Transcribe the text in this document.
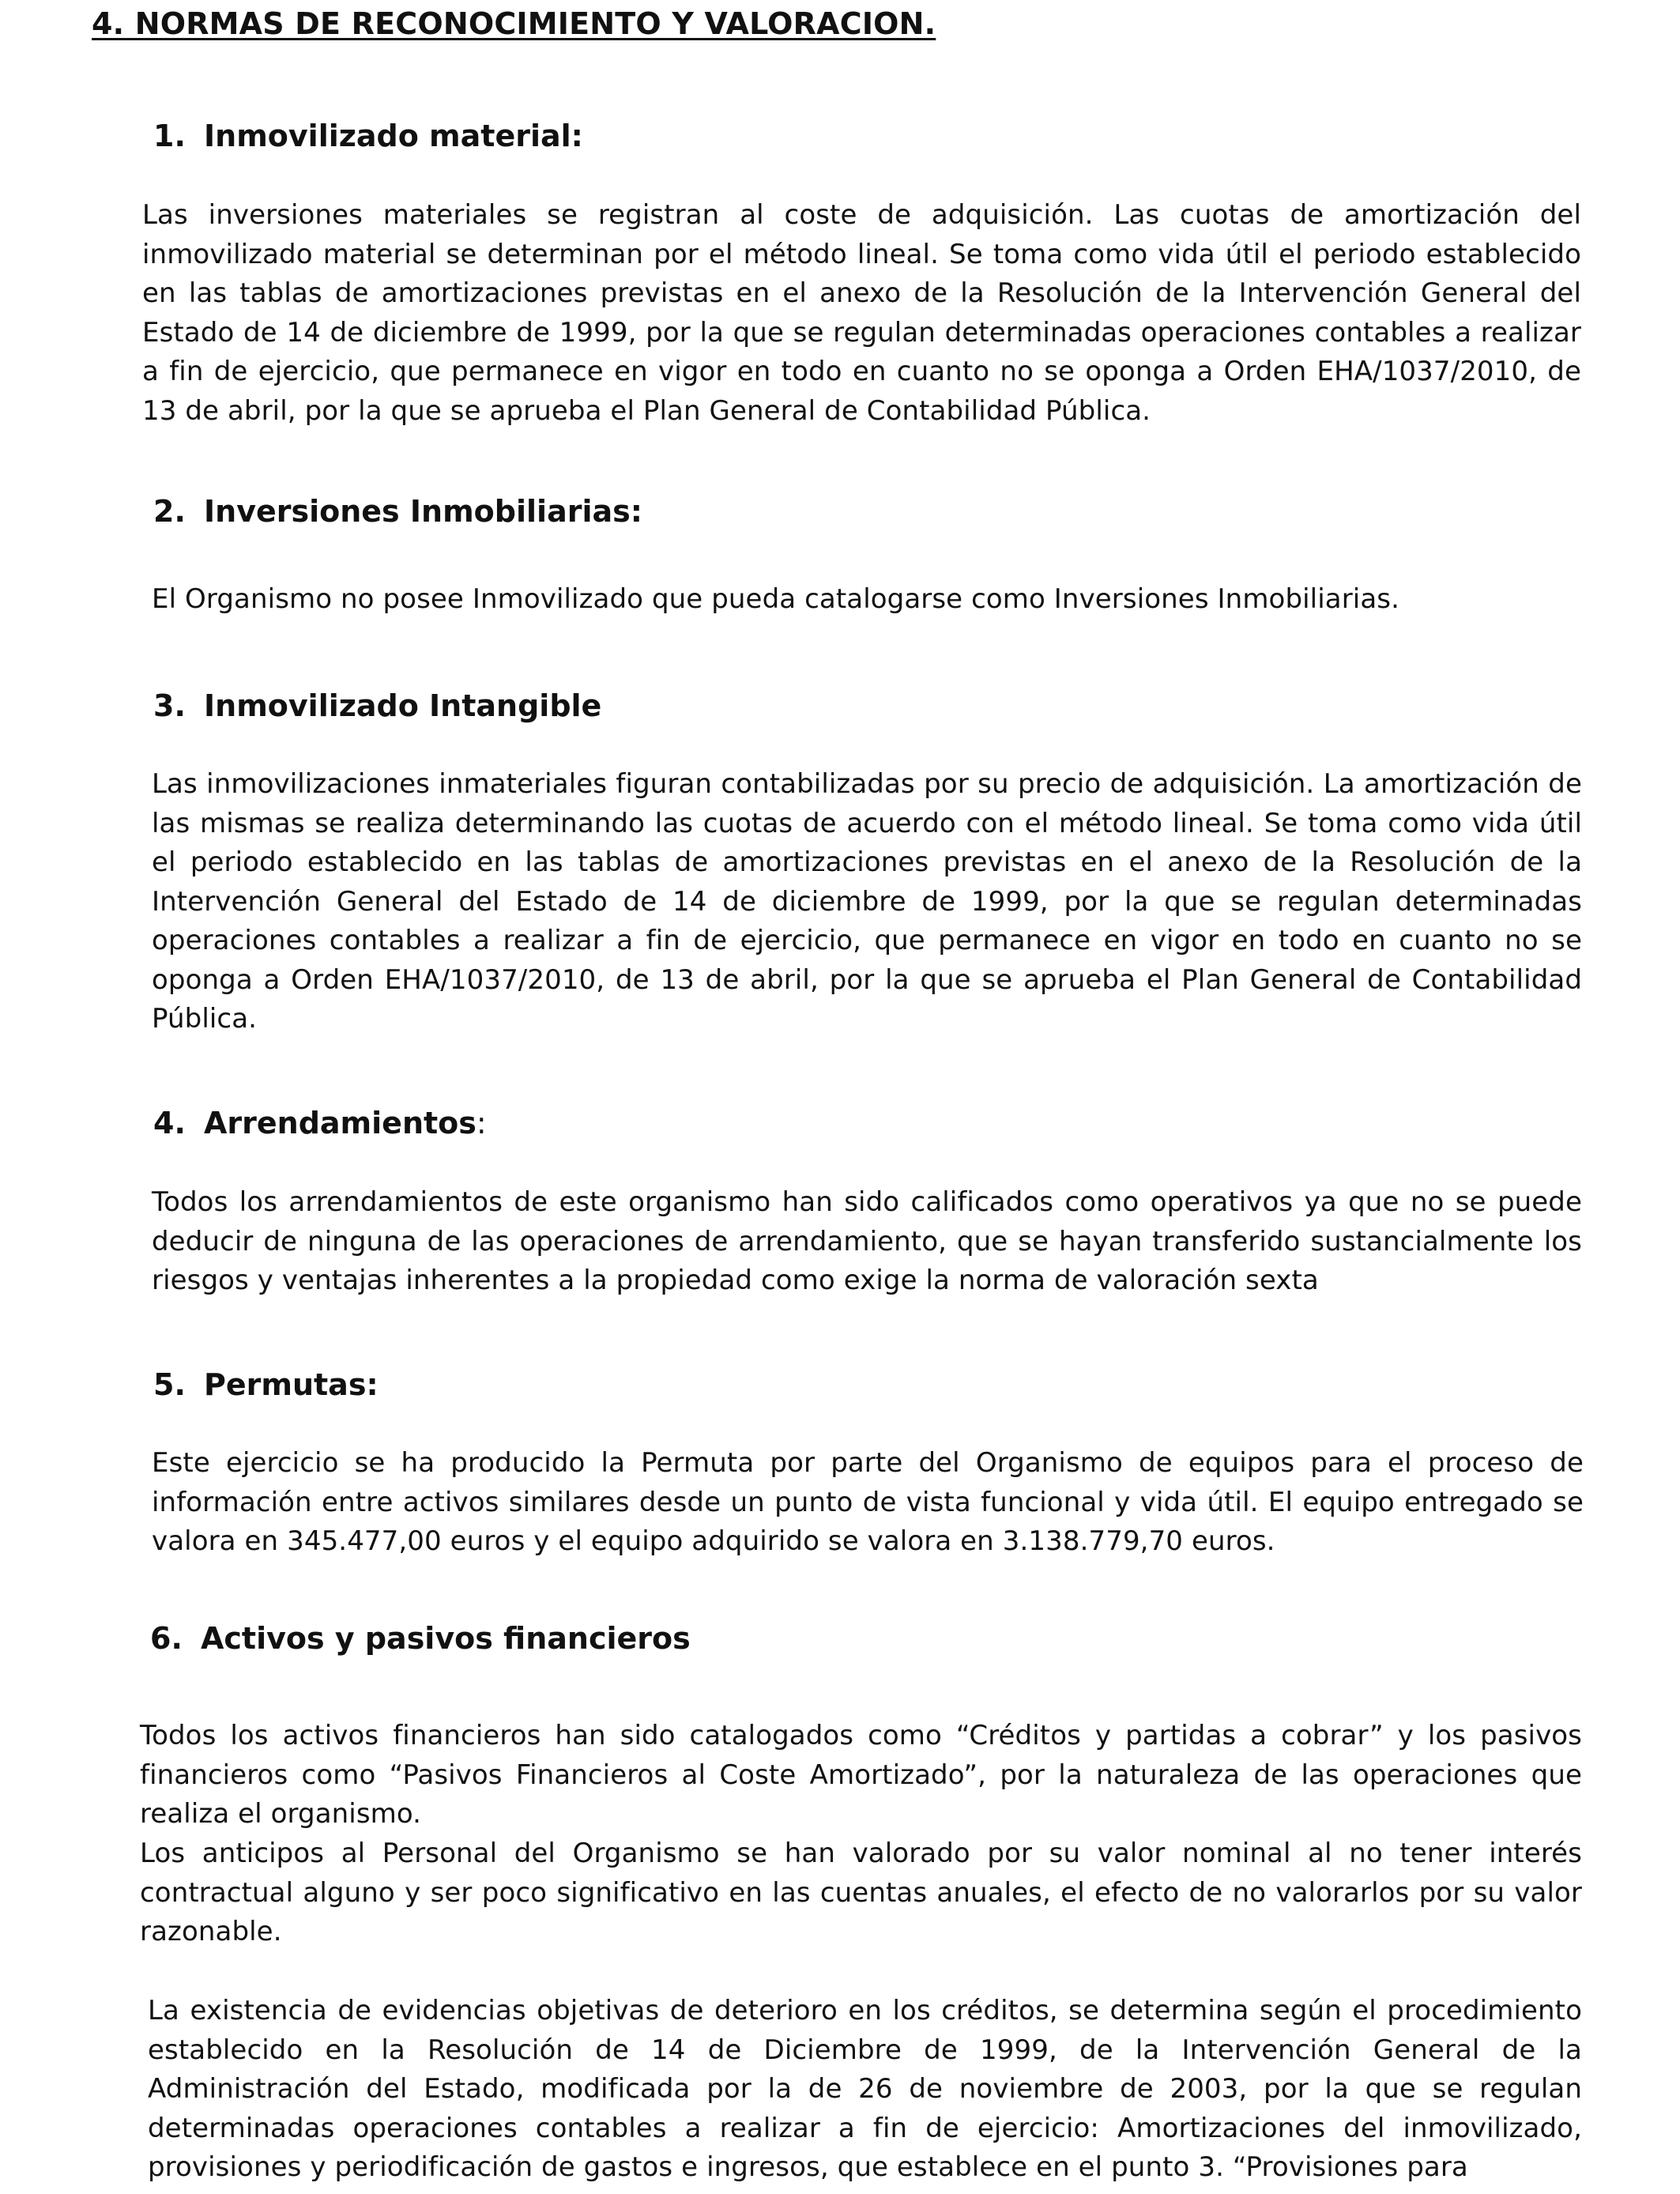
4. NORMAS DE RECONOCIMIENTO Y VALORACION.
1. Inmovilizado material:

Las inversiones materiales se registran al coste de adquisición. Las cuotas de amortización del inmovilizado material se determinan por el método lineal. Se toma como vida útil el periodo establecido en las tablas de amortizaciones previstas en el anexo de la Resolución de la Intervención General del Estado de 14 de diciembre de 1999, por la que se regulan determinadas operaciones contables a realizar a fin de ejercicio, que permanece en vigor en todo en cuanto no se oponga a Orden EHA/1037/2010, de 13 de abril, por la que se aprueba el Plan General de Contabilidad Pública.

2. Inversiones Inmobiliarias:

El Organismo no posee Inmovilizado que pueda catalogarse como Inversiones Inmobiliarias.

3. Inmovilizado Intangible

Las inmovilizaciones inmateriales figuran contabilizadas por su precio de adquisición. La amortización de las mismas se realiza determinando las cuotas de acuerdo con el método lineal. Se toma como vida útil el periodo establecido en las tablas de amortizaciones previstas en el anexo de la Resolución de la Intervención General del Estado de 14 de diciembre de 1999, por la que se regulan determinadas operaciones contables a realizar a fin de ejercicio, que permanece en vigor en todo en cuanto no se oponga a Orden EHA/1037/2010, de 13 de abril, por la que se aprueba el Plan General de Contabilidad Pública.

4. Arrendamientos:

Todos los arrendamientos de este organismo han sido calificados como operativos ya que no se puede deducir de ninguna de las operaciones de arrendamiento, que se hayan transferido sustancialmente los riesgos y ventajas inherentes a la propiedad como exige la norma de valoración sexta

5. Permutas:

Este ejercicio se ha producido la Permuta por parte del Organismo de equipos para el proceso de información entre activos similares desde un punto de vista funcional y vida útil. El equipo entregado se valora en 345.477,00 euros y el equipo adquirido se valora en 3.138.779,70 euros.

6. Activos y pasivos financieros

Todos los activos financieros han sido catalogados como “Créditos y partidas a cobrar” y los pasivos financieros como “Pasivos Financieros al Coste Amortizado”, por la naturaleza de las operaciones que realiza el organismo.

Los anticipos al Personal del Organismo se han valorado por su valor nominal al no tener interés contractual alguno y ser poco significativo en las cuentas anuales, el efecto de no valorarlos por su valor razonable.

La existencia de evidencias objetivas de deterioro en los créditos, se determina según el procedimiento establecido en la Resolución de 14 de Diciembre de 1999, de la Intervención General de la Administración del Estado, modificada por la de 26 de noviembre de 2003, por la que se regulan determinadas operaciones contables a realizar a fin de ejercicio: Amortizaciones del inmovilizado, provisiones y periodificación de gastos e ingresos, que establece en el punto 3. “Provisiones para
